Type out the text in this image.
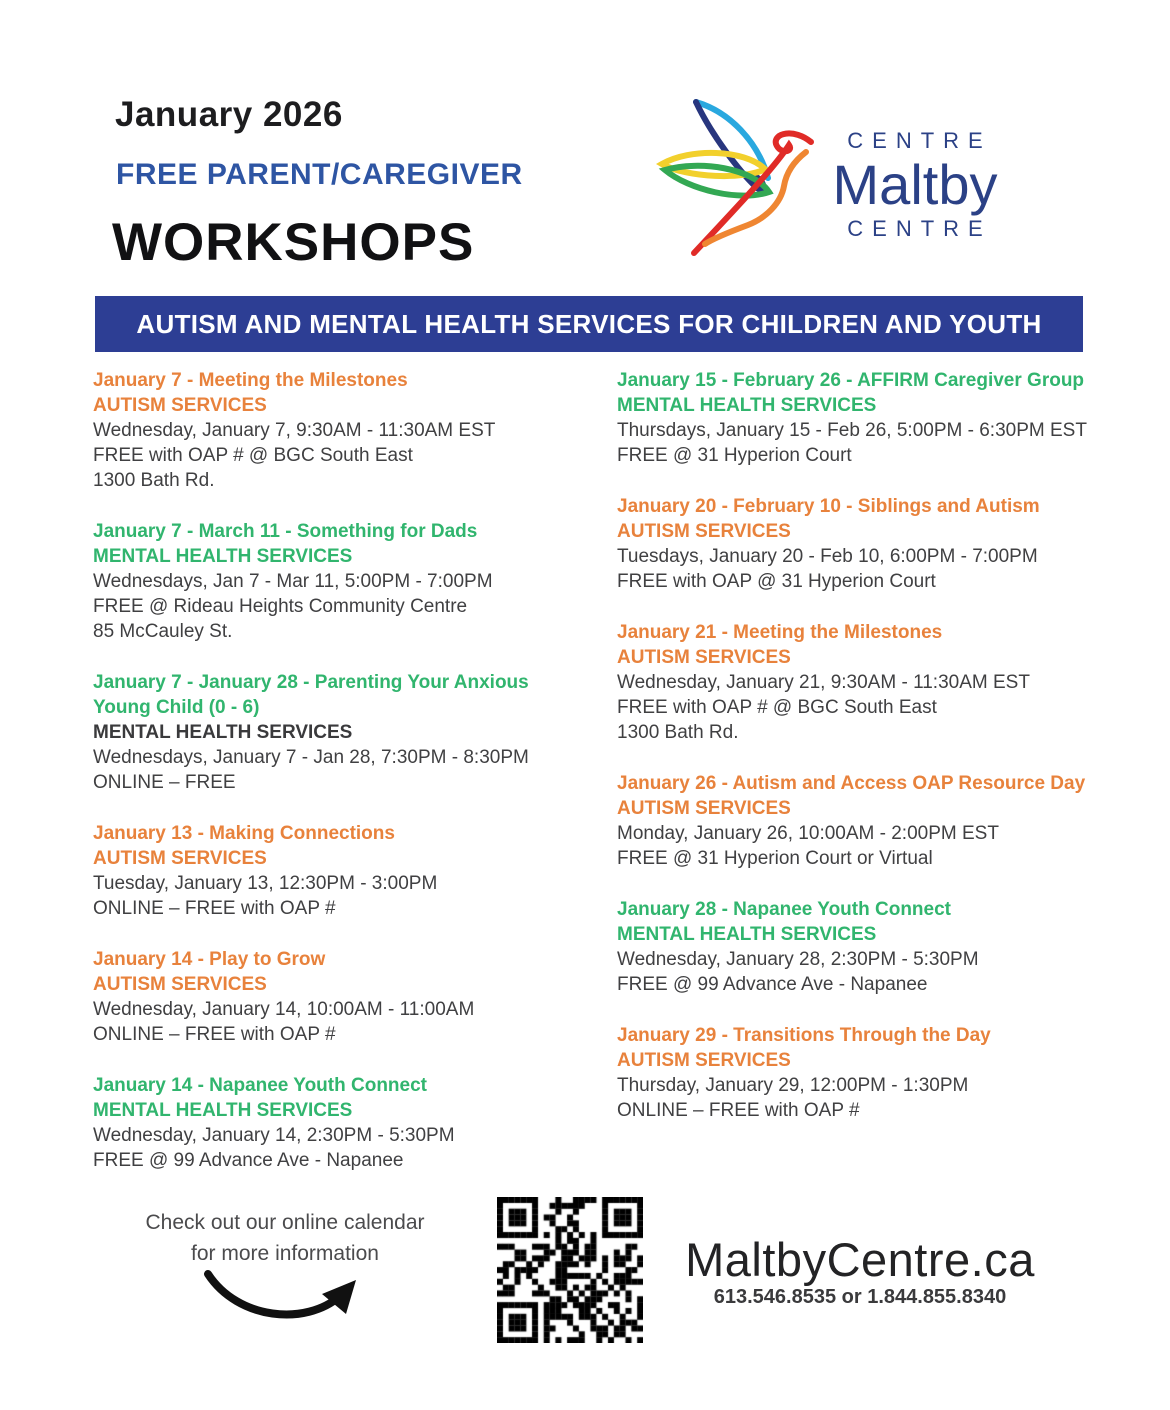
January 2026
FREE PARENT/CAREGIVER
WORKSHOPS
CENTRE
Maltby
CENTRE
AUTISM AND MENTAL HEALTH SERVICES FOR CHILDREN AND YOUTH
January 7 - Meeting the Milestones
AUTISM SERVICES
Wednesday, January 7, 9:30AM - 11:30AM EST
FREE with OAP # @ BGC South East
1300 Bath Rd.
January 7 - March 11 - Something for Dads
MENTAL HEALTH SERVICES
Wednesdays, Jan 7 - Mar 11, 5:00PM - 7:00PM
FREE @ Rideau Heights Community Centre
85 McCauley St.
January 7 - January 28 - Parenting Your Anxious Young Child (0 - 6)
MENTAL HEALTH SERVICES
Wednesdays, January 7 - Jan 28, 7:30PM - 8:30PM
ONLINE – FREE
January 13 - Making Connections
AUTISM SERVICES
Tuesday, January 13, 12:30PM - 3:00PM
ONLINE – FREE with OAP #
January 14 - Play to Grow
AUTISM SERVICES
Wednesday, January 14, 10:00AM - 11:00AM
ONLINE – FREE with OAP #
January 14 - Napanee Youth Connect
MENTAL HEALTH SERVICES
Wednesday, January 14, 2:30PM - 5:30PM
FREE @ 99 Advance Ave - Napanee
January 15 - February 26 - AFFIRM Caregiver Group
MENTAL HEALTH SERVICES
Thursdays, January 15 - Feb 26, 5:00PM - 6:30PM EST
FREE @ 31 Hyperion Court
January 20 - February 10 - Siblings and Autism
AUTISM SERVICES
Tuesdays, January 20 - Feb 10, 6:00PM - 7:00PM
FREE with OAP @ 31 Hyperion Court
January 21 - Meeting the Milestones
AUTISM SERVICES
Wednesday, January 21, 9:30AM - 11:30AM EST
FREE with OAP # @ BGC South East
1300 Bath Rd.
January 26 - Autism and Access OAP Resource Day
AUTISM SERVICES
Monday, January 26, 10:00AM - 2:00PM EST
FREE @ 31 Hyperion Court or Virtual
January 28 - Napanee Youth Connect
MENTAL HEALTH SERVICES
Wednesday, January 28, 2:30PM - 5:30PM
FREE @ 99 Advance Ave - Napanee
January 29 - Transitions Through the Day
AUTISM SERVICES
Thursday, January 29, 12:00PM - 1:30PM
ONLINE – FREE with OAP #
Check out our online calendar
for more information	MaltbyCentre.ca
613.546.8535 or 1.844.855.8340
